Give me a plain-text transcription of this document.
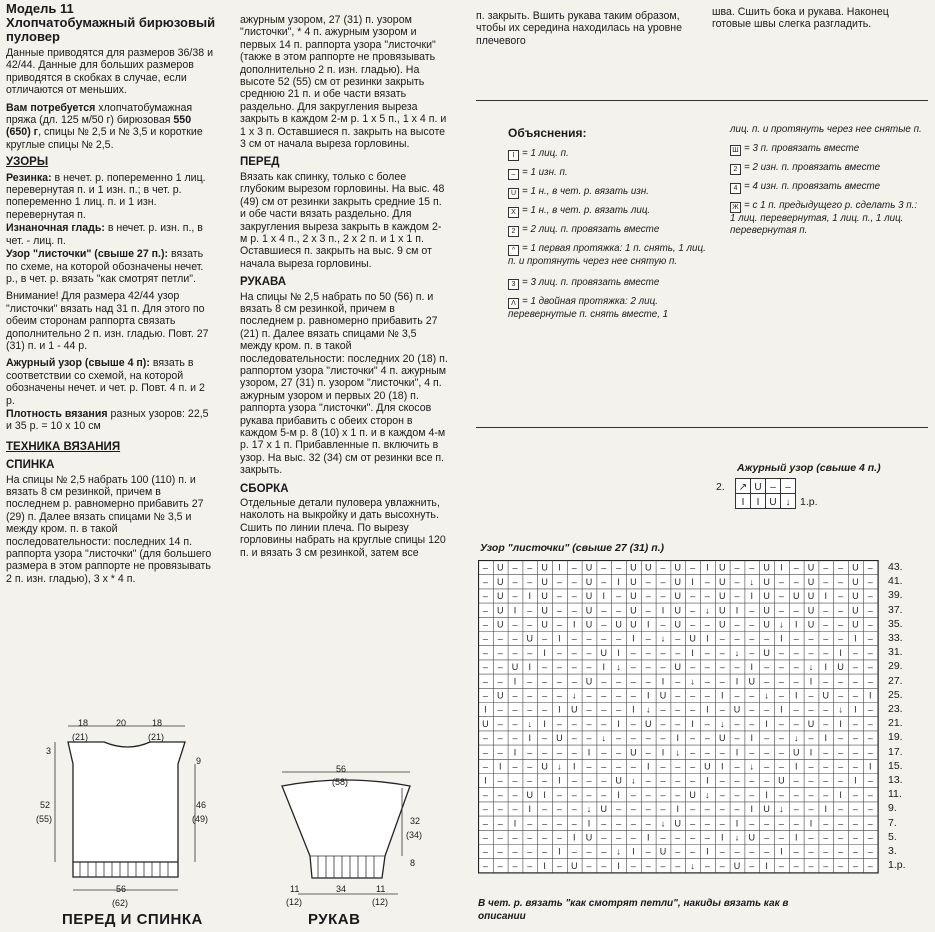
Модель 11
Хлопчатобумажный бирюзовый пуловер

Данные приводятся для размеров 36/38 и 42/44. Данные для больших размеров приводятся в скобках в случае, если отличаются от меньших.

Вам потребуется хлопчатобумажная пряжа (дл. 125 м/50 г) бирюзовая 550 (650) г, спицы № 2,5 и № 3,5 и короткие круглые спицы № 2,5.

УЗОРЫ

Резинка: в нечет. р. попеременно 1 лиц. перевернутая п. и 1 изн. п.; в чет. р. попеременно 1 лиц. п. и 1 изн. перевернутая п.

Изнаночная гладь: в нечет. р. изн. п., в чет. - лиц. п.

Узор "листочки" (свыше 27 п.): вязать по схеме, на которой обозначены нечет. р., в чет. р. вязать "как смотрят петли".

Внимание! Для размера 42/44 узор "листочки" вязать над 31 п. Для этого по обеим сторонам раппорта связать дополнительно 2 п. изн. гладью. Повт. 27 (31) п. и 1 - 44 р.

Ажурный узор (свыше 4 п): вязать в соответствии со схемой, на которой обозначены нечет. и чет. р. Повт. 4 п. и 2 р.

Плотность вязания разных узоров: 22,5 и 35 р. = 10 х 10 см

ТЕХНИКА ВЯЗАНИЯ
СПИНКА

На спицы № 2,5 набрать 100 (110) п. и вязать 8 см резинкой, причем в последнем р. равномерно прибавить 27 (29) п. Далее вязать спицами № 3,5 и между кром. п. в такой последовательности: последних 14 п. раппорта узора "листочки" (для большего размера в этом раппорте не провязывать 2 п. изн. гладью), 3 х * 4 п.

ажурным узором, 27 (31) п. узором "листочки", * 4 п. ажурным узором и первых 14 п. раппорта узора "листочки" (также в этом раппорте не провязывать дополнительно 2 п. изн. гладью). На высоте 52 (55) см от резинки закрыть среднюю 21 п. и обе части вязать раздельно. Для закругления выреза закрыть в каждом 2-м р. 1 х 5 п., 1 х 4 п. и 1 х 3 п. Оставшиеся п. закрыть на высоте 3 см от начала выреза горловины.

ПЕРЕД

Вязать как спинку, только с более глубоким вырезом горловины. На выс. 48 (49) см от резинки закрыть средние 15 п. и обе части вязать раздельно. Для закругления выреза закрыть в каждом 2-м р. 1 х 4 п., 2 х 3 п., 2 х 2 п. и 1 х 1 п. Оставшиеся п. закрыть на выс. 9 см от начала выреза горловины.

РУКАВА

На спицы № 2,5 набрать по 50 (56) п. и вязать 8 см резинкой, причем в последнем р. равномерно прибавить 27 (21) п. Далее вязать спицами № 3,5 между кром. п. в такой последовательности: последних 20 (18) п. раппортом узора "листочки" 4 п. ажурным узором, 27 (31) п. узором "листочки", 4 п. ажурным узором и первых 20 (18) п. раппорта узора "листочки". Для скосов рукава прибавить с обеих сторон в каждом 5-м р. 8 (10) х 1 п. и в каждом 4-м р. 17 х 1 п. Прибавленные п. включить в узор. На выс. 32 (34) см от резинки все п. закрыть.

СБОРКА

Отдельные детали пуловера увлажнить, наколоть на выкройку и дать высохнуть. Сшить по линии плеча. По вырезу горловины набрать на круглые спицы 120 п. и вязать 3 см резинкой, затем все

п. закрыть. Вшить рукава таким образом, чтобы их середина находилась на уровне плечевого

шва. Сшить бока и рукава. Наконец готовые швы слегка разгладить.

Объяснения:
I = 1 лиц. п.
– = 1 изн. п.
U = 1 н., в чет. р. вязать изн.
Х = 1 н., в чет. р. вязать лиц.
2 = 2 лиц. п. провязать вместе
^ = 1 первая протяжка: 1 п. снять, 1 лиц. п. и протянуть через нее снятую п.
3 = 3 лиц. п. провязать вместе
Λ = 1 двойная протяжка: 2 лиц. перевернутые п. снять вместе, 1
лиц. п. и протянуть через нее снятые п.
Ш = 3 п. провязать вместе
2 = 2 изн. п. провязать вместе
4 = 4 изн. п. провязать вместе
Ж = с 1 п. предыдущего р. сделать 3 п.: 1 лиц. перевернутая, 1 лиц. п., 1 лиц. перевернутая п.
Ажурный узор (свыше 4 п.)
2.
1.р.
↗ U – –
I I U ↓
Узор "листочки" (свыше 27 (31) п.)
– U – – U I – U – – U U – U – I U – – U I – U – – U –
– U – – U – – U – I U – – U I – U – ↓ U – – U – – U –
– U – I U – – U I – U – – U – – U – I U – U U I – U –
– U I – U – – U – – U – I U – ↓ U I – U – – U – – U –
– U – – U – I U – U U I – U – – U – – U ↓ I U – – U –
– – – U – I – – – – I – ↓ – U I – – – – I – – – – I –
– – – – I – – – U I – – – – I – – ↓ – U – – – – I – –
– – U I – – – – I ↓ – – – U – – – – I – – – ↓ I U – –
– – I – – – – U – – – – I – ↓ – – I U – – – I – – – –
– U – – – – ↓ – – – – I U – – – I – – ↓ – I – U – – I
I – – – – I U – – – I ↓ – – – I – U – – I – – – ↓ I –
U – – ↓ I – – – – I – U – – I – ↓ – – I – – U – I – –
– – – I – U – – ↓ – – – – I – – U – I – – ↓ – I – – –
– – I – – – – I – – U – I ↓ – – – I – – – U I – – – –
– I – – U ↓ I – – – – I – – – U I – ↓ – – I – – – – I
I – – – – I – – – U ↓ – – – – I – – – – U – – – – I –
– – – U I – – – – I – – – – U ↓ – – – I – – – – I – –
– – – I – – – ↓ U – – – – I – – – – I U ↓ – – I – – –
– – I – – – – I – – – – ↓ U – – – I – – – – I – – – –
– – – – – – I U – – – I – – – – I ↓ U – – I – – – – –
– – – – – I – – – ↓ I – U – – I – – – – I – – – – – –
– – – – I – U – – I – – – – ↓ – – U – I – – – – – – –
43.
41.
39.
37.
35.
33.
31.
29.
27.
25.
23.
21.
19.
17.
15.
13.
11.
9.
7.
5.
3.
1.р.
В чет. р. вязать "как смотрят петли", накиды вязать как в описании
18
(21)
20	18
(21)
3
52
(55)
9
46
(49)
56
(62)
ПЕРЕД И СПИНКА
56
(58)
32
(34)
8
11
(12)
34	11
(12)
РУКАВ
